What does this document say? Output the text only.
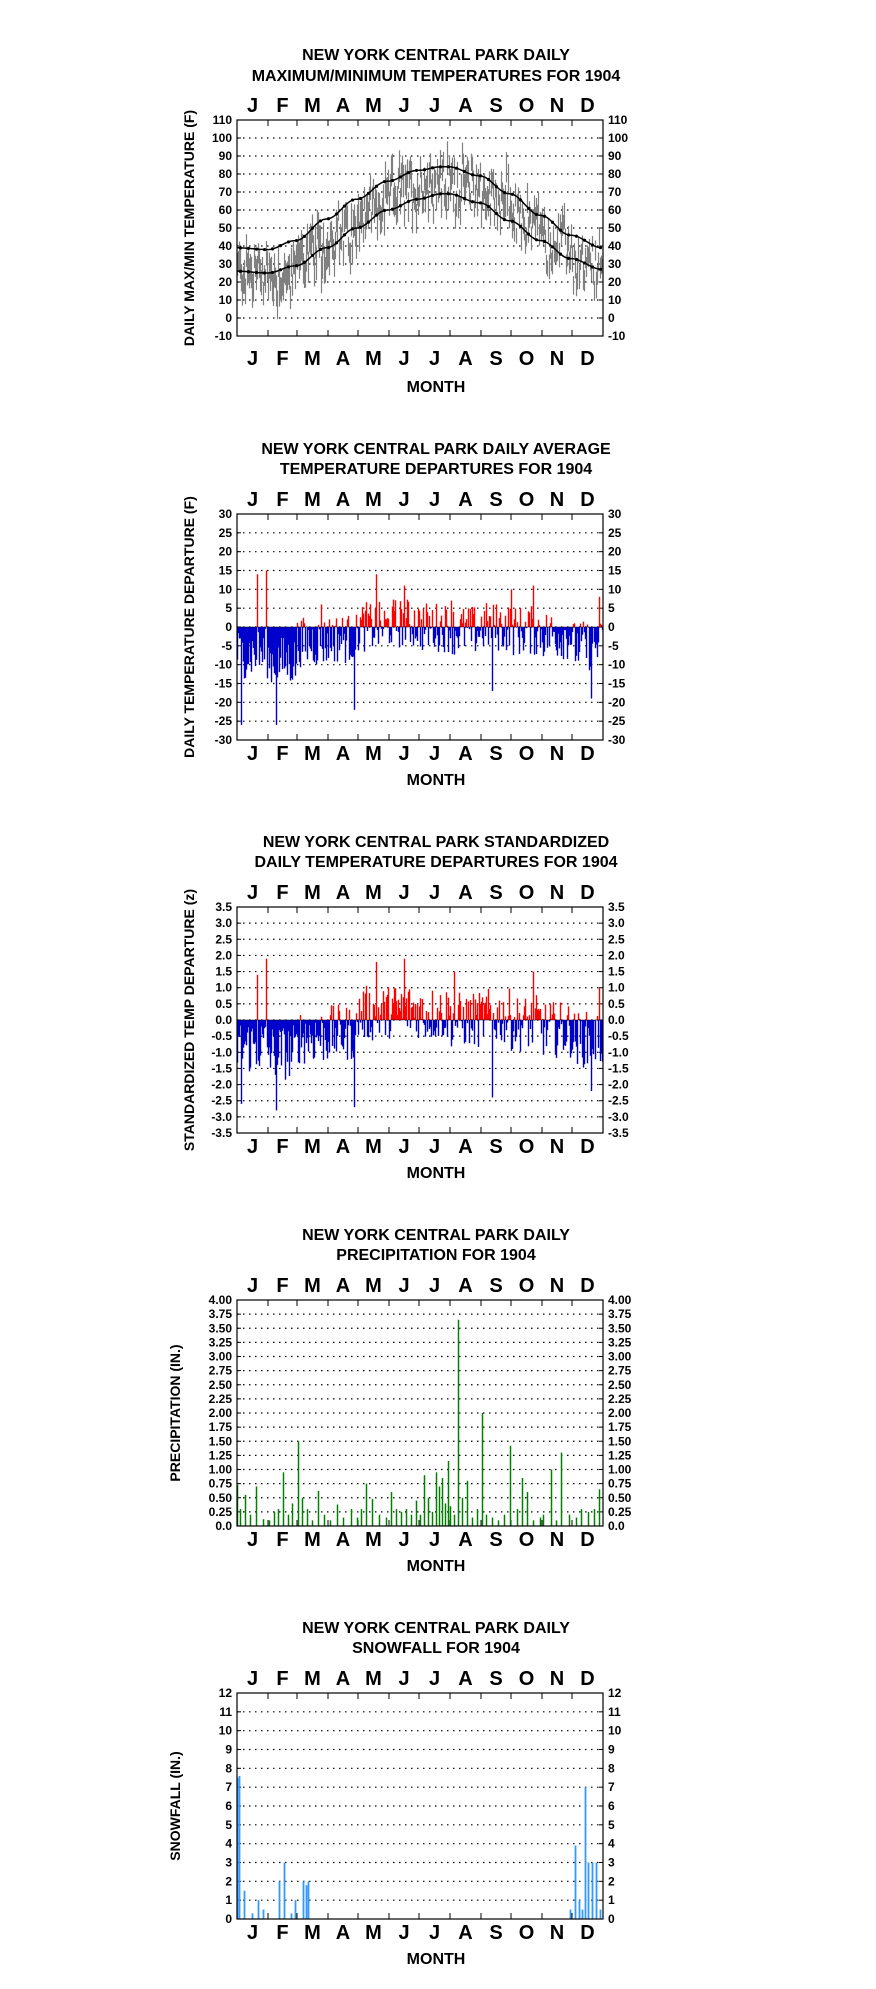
NEW YORK CENTRAL PARK DAILY
MAXIMUM/MINIMUM TEMPERATURES FOR 1904
-10	-10
0	0
10	10
20	20
30	30
40	40
50	50
60	60
70	70
80	80
90	90
100	100
110	110
J
J
F
F
M
M
A
A
M
M
J
J
J
J
A
A
S
S
O
O
N
N
D
D
MONTH
DAILY MAX/MIN TEMPERATURE (F)
NEW YORK CENTRAL PARK DAILY AVERAGE
TEMPERATURE DEPARTURES FOR 1904
-30	-30
-25	-25
-20	-20
-15	-15
-10	-10
-5	-5
0	0
5	5
10	10
15	15
20	20
25	25
30	30
J
J
F
F
M
M
A
A
M
M
J
J
J
J
A
A
S
S
O
O
N
N
D
D
MONTH
DAILY TEMPERATURE DEPARTURE (F)
NEW YORK CENTRAL PARK STANDARDIZED
DAILY TEMPERATURE DEPARTURES FOR 1904
-3.5	-3.5
-3.0	-3.0
-2.5	-2.5
-2.0	-2.0
-1.5	-1.5
-1.0	-1.0
-0.5	-0.5
0.0	0.0
0.5	0.5
1.0	1.0
1.5	1.5
2.0	2.0
2.5	2.5
3.0	3.0
3.5	3.5
J
J
F
F
M
M
A
A
M
M
J
J
J
J
A
A
S
S
O
O
N
N
D
D
MONTH
STANDARDIZED TEMP DEPARTURE (z)
NEW YORK CENTRAL PARK DAILY
PRECIPITATION FOR 1904
0.0	0.0
0.25	0.25
0.50	0.50
0.75	0.75
1.00	1.00
1.25	1.25
1.50	1.50
1.75	1.75
2.00	2.00
2.25	2.25
2.50	2.50
2.75	2.75
3.00	3.00
3.25	3.25
3.50	3.50
3.75	3.75
4.00	4.00
J
J
F
F
M
M
A
A
M
M
J
J
J
J
A
A
S
S
O
O
N
N
D
D
MONTH
PRECIPITATION (IN.)
NEW YORK CENTRAL PARK DAILY
SNOWFALL FOR 1904
0	0
1	1
2	2
3	3
4	4
5	5
6	6
7	7
8	8
9	9
10	10
11	11
12	12
J
J
F
F
M
M
A
A
M
M
J
J
J
J
A
A
S
S
O
O
N
N
D
D
MONTH
SNOWFALL (IN.)
